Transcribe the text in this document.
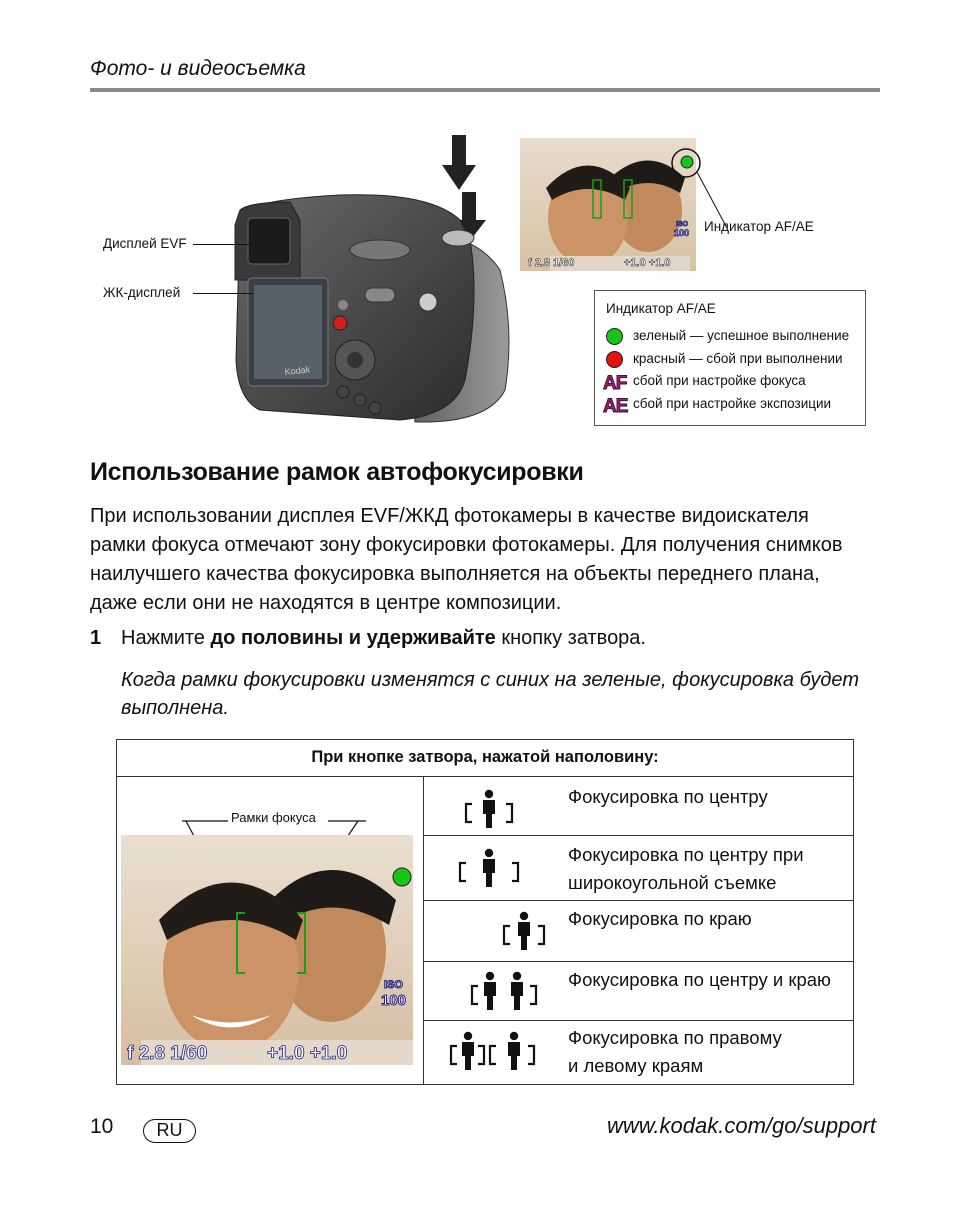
Фото- и видеосъемка
Kodak
Дисплей EVF
ЖК-дисплей
f 2.8 1/60	+1.0 +1.0
ISO
100 Индикатор AF/AE
Индикатор AF/AE
зеленый — успешное выполнение
красный — сбой при выполнении
AF сбой при настройке фокуса
AE сбой при настройке экспозиции
Использование рамок автофокусировки
При использовании дисплея EVF/ЖКД фотокамеры в качестве видоискателя
рамки фокуса отмечают зону фокусировки фотокамеры. Для получения снимков
наилучшего качества фокусировка выполняется на объекты переднего плана,
даже если они не находятся в центре композиции.
1 Нажмите до половины и удерживайте кнопку затвора.
Когда рамки фокусировки изменятся с синих на зеленые, фокусировка будет
выполнена.
При кнопке затвора, нажатой наполовину:
Рамки фокуса
f 2.8 1/60	+1.0 +1.0
ISO
100
Фокусировка по центру
Фокусировка по центру при
широкоугольной съемке
Фокусировка по краю
Фокусировка по центру и краю
Фокусировка по правому
и левому краям
10	RU	www.kodak.com/go/support
